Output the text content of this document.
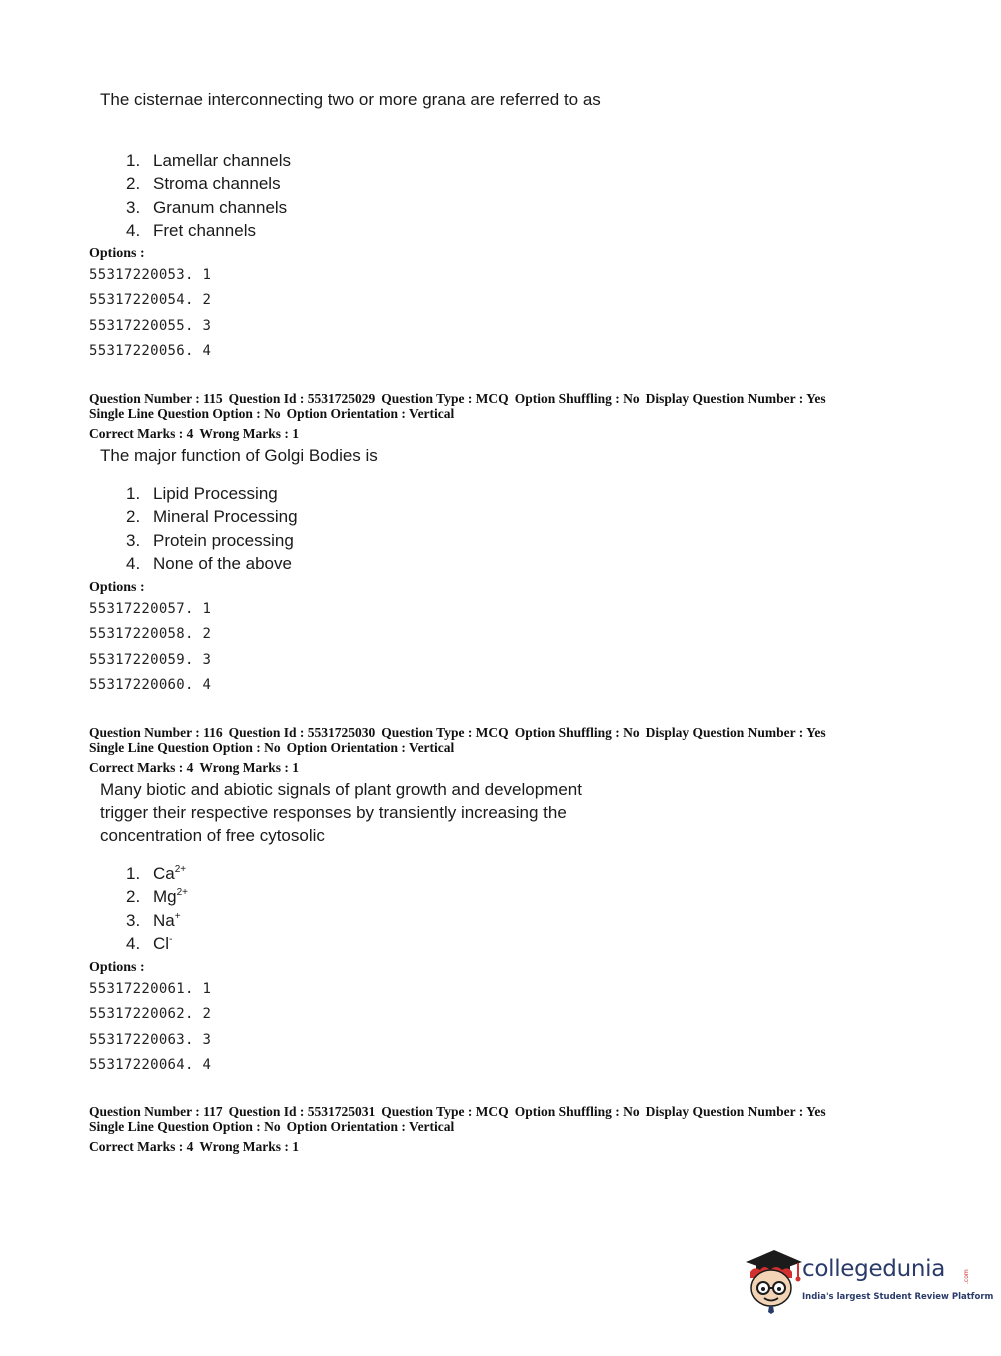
The cisternae interconnecting two or more grana are referred to as
1. Lamellar channels
2. Stroma channels
3. Granum channels
4. Fret channels
Options :
55317220053. 1
55317220054. 2
55317220055. 3
55317220056. 4
Question Number : 115 Question Id : 5531725029 Question Type : MCQ Option Shuffling : No Display Question Number : Yes
Single Line Question Option : No Option Orientation : Vertical
Correct Marks : 4 Wrong Marks : 1
The major function of Golgi Bodies is
1. Lipid Processing
2. Mineral Processing
3. Protein processing
4. None of the above
Options :
55317220057. 1
55317220058. 2
55317220059. 3
55317220060. 4
Question Number : 116 Question Id : 5531725030 Question Type : MCQ Option Shuffling : No Display Question Number : Yes
Single Line Question Option : No Option Orientation : Vertical
Correct Marks : 4 Wrong Marks : 1
Many biotic and abiotic signals of plant growth and development
trigger their respective responses by transiently increasing the
concentration of free cytosolic
1. $Ca^{2+}$
2. $Mg^{2+}$
3. Na+
4. Cl-
Options :
55317220061. 1
55317220062. 2
55317220063. 3
55317220064. 4
Question Number : 117 Question Id : 5531725031 Question Type : MCQ Option Shuffling : No Display Question Number : Yes
Single Line Question Option : No Option Orientation : Vertical
Correct Marks : 4 Wrong Marks : 1
collegedunia	.com
India's largest Student Review Platform
